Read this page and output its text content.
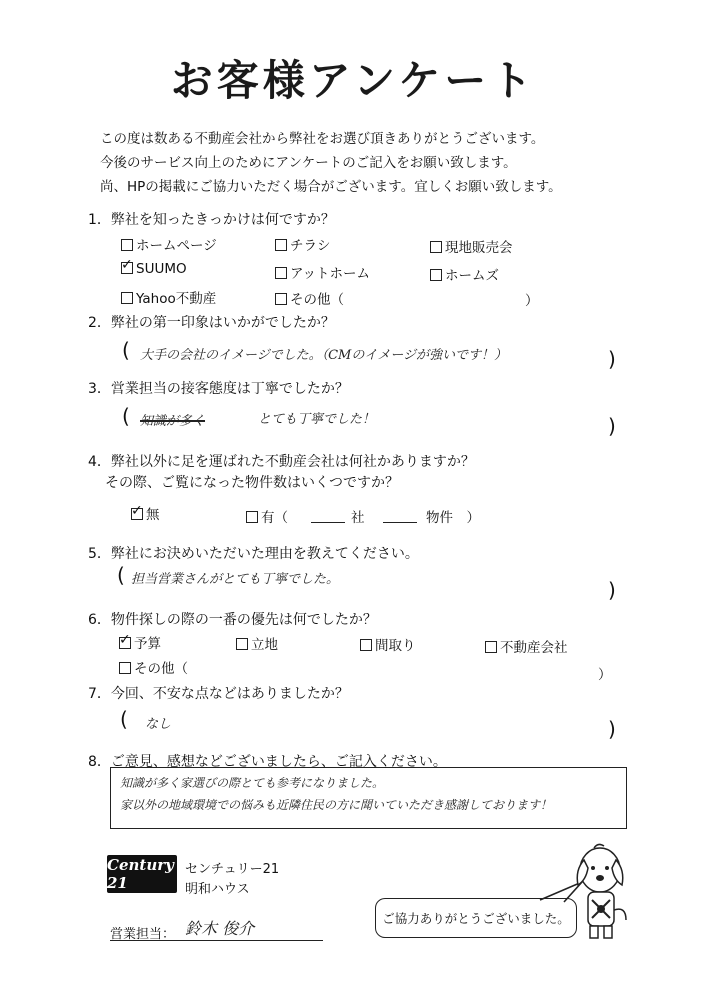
お客様アンケート
この度は数ある不動産会社から弊社をお選び頂きありがとうございます。
今後のサービス向上のためにアンケートのご記入をお願い致します。
尚、HPの掲載にご協力いただく場合がございます。宜しくお願い致します。
1．弊社を知ったきっかけは何ですか？
ホームページ	チラシ	現地販売会
✓SUUMO	アットホーム	ホームズ
Yahoo不動産	その他（	）
2．弊社の第一印象はいかがでしたか？
( 大手の会社のイメージでした。（CMのイメージが強いです！）	)
3．営業担当の接客態度は丁寧でしたか？
( 知識が多く	とても丁寧でした！	)
4．弊社以外に足を運ばれた不動産会社は何社かありますか？
その際、ご覧になった物件数はいくつですか？
✓無	有（	社	物件　）
5．弊社にお決めいただいた理由を教えてください。
( 担当営業さんがとても丁寧でした。	)
6．物件探しの際の一番の優先は何でしたか？
✓予算	立地	間取り	不動産会社
その他（	）
7．今回、不安な点などはありましたか？
( なし	)
8．ご意見、感想などございましたら、ご記入ください。
知識が多く家選びの際とても参考になりました。
家以外の地域環境での悩みも近隣住民の方に聞いていただき感謝しております！
Century 21
センチュリー21
明和ハウス
営業担当： 鈴木 俊介
ご協力ありがとうございました。
